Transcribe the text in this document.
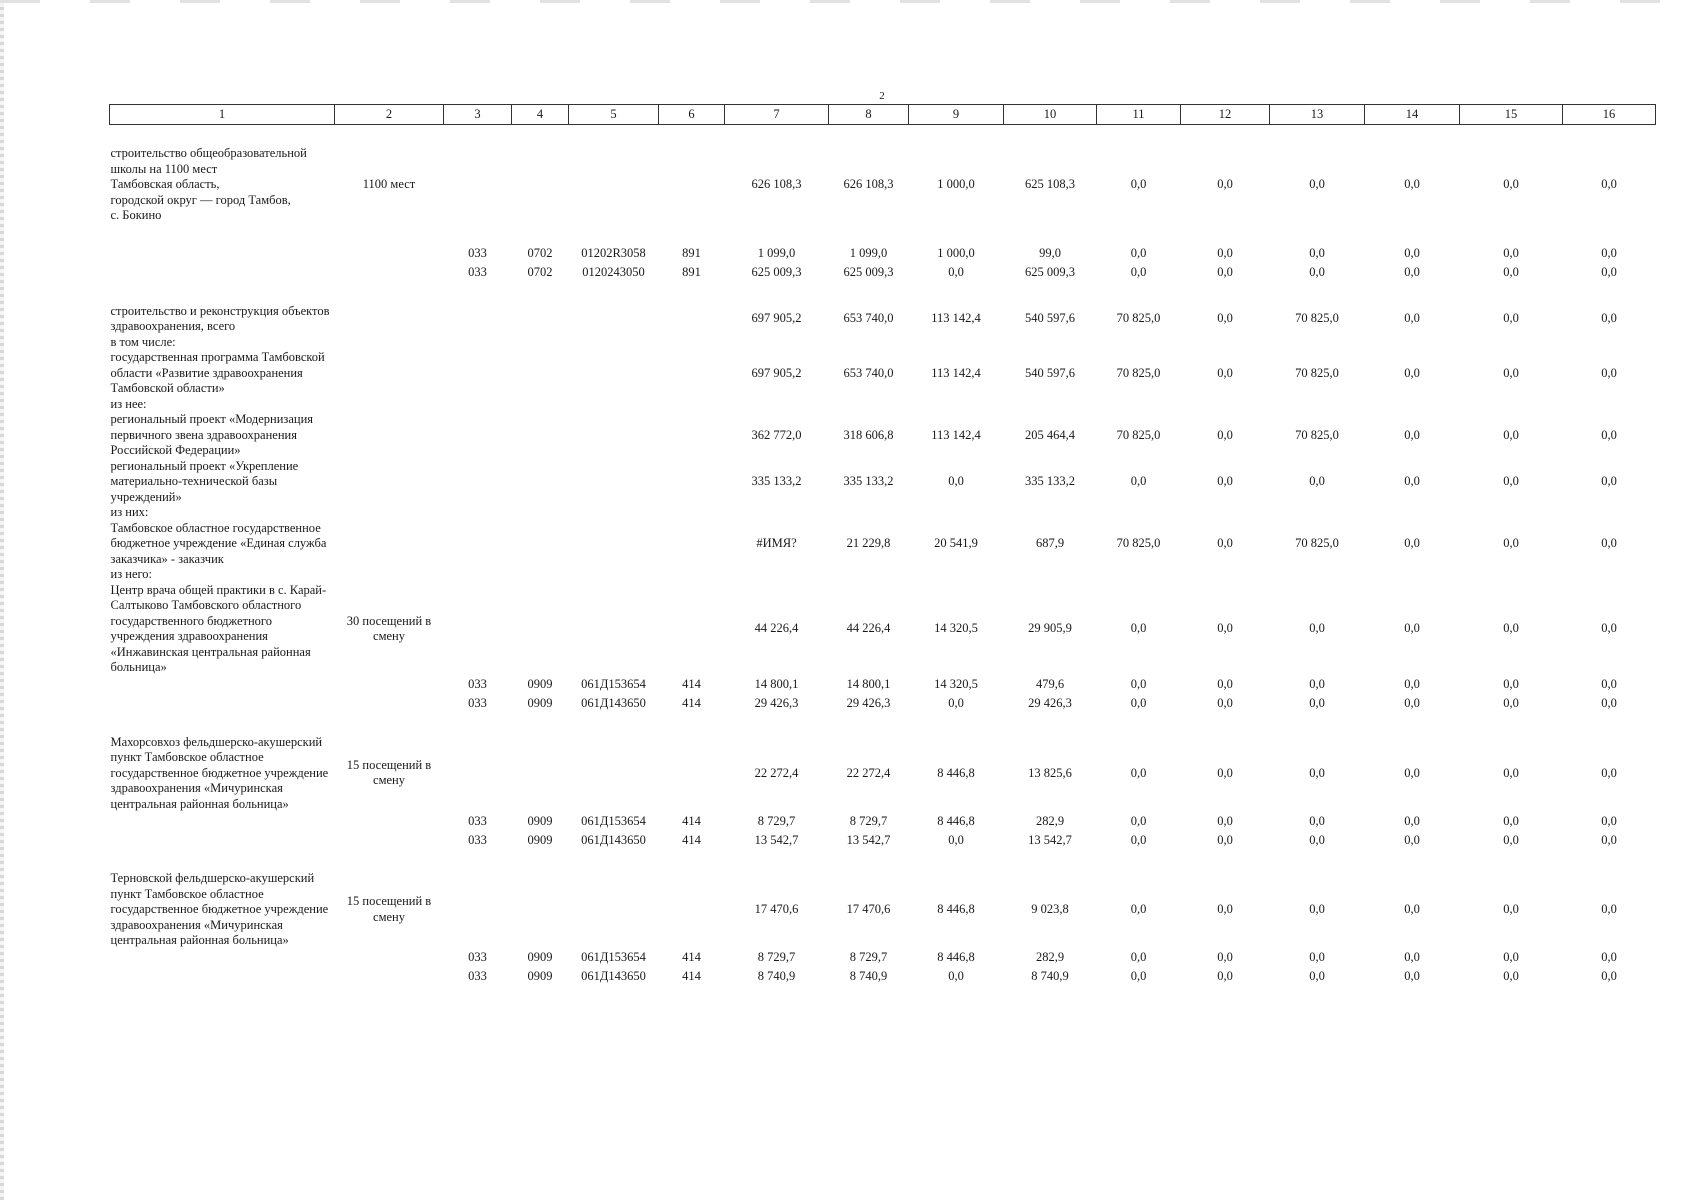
2
1	2	3	4	5	6	7	8	9	10	11	12	13	14	15	16

строительство общеобразовательной школы на 1100 мест
Тамбовская область,
городской округ — город Тамбов,
с. Бокино	1100 мест					626 108,3	626 108,3	1 000,0	625 108,3	0,0	0,0	0,0	0,0	0,0	0,0

		033	0702	01202R3058	891	1 099,0	1 099,0	1 000,0	99,0	0,0	0,0	0,0	0,0	0,0	0,0
		033	0702	0120243050	891	625 009,3	625 009,3	0,0	625 009,3	0,0	0,0	0,0	0,0	0,0	0,0

строительство и реконструкция объектов здравоохранения, всего						697 905,2	653 740,0	113 142,4	540 597,6	70 825,0	0,0	70 825,0	0,0	0,0	0,0
в том числе:															
государственная программа Тамбовской области «Развитие здравоохранения Тамбовской области»						697 905,2	653 740,0	113 142,4	540 597,6	70 825,0	0,0	70 825,0	0,0	0,0	0,0
из нее:															
региональный проект «Модернизация первичного звена здравоохранения Российской Федерации»						362 772,0	318 606,8	113 142,4	205 464,4	70 825,0	0,0	70 825,0	0,0	0,0	0,0
региональный проект «Укрепление материально-технической базы учреждений»						335 133,2	335 133,2	0,0	335 133,2	0,0	0,0	0,0	0,0	0,0	0,0
из них:															
Тамбовское областное государственное бюджетное учреждение «Единая служба заказчика» - заказчик						#ИМЯ?	21 229,8	20 541,9	687,9	70 825,0	0,0	70 825,0	0,0	0,0	0,0
из него:															
Центр врача общей практики в с. Карай-Салтыково Тамбовского областного государственного бюджетного учреждения здравоохранения «Инжавинская центральная районная больница»	30 посещений в смену					44 226,4	44 226,4	14 320,5	29 905,9	0,0	0,0	0,0	0,0	0,0	0,0
		033	0909	061Д153654	414	14 800,1	14 800,1	14 320,5	479,6	0,0	0,0	0,0	0,0	0,0	0,0
		033	0909	061Д143650	414	29 426,3	29 426,3	0,0	29 426,3	0,0	0,0	0,0	0,0	0,0	0,0

Махорсовхоз фельдшерско-акушерский пункт Тамбовское областное государственное бюджетное учреждение здравоохранения «Мичуринская центральная районная больница»	15 посещений в смену					22 272,4	22 272,4	8 446,8	13 825,6	0,0	0,0	0,0	0,0	0,0	0,0
		033	0909	061Д153654	414	8 729,7	8 729,7	8 446,8	282,9	0,0	0,0	0,0	0,0	0,0	0,0
		033	0909	061Д143650	414	13 542,7	13 542,7	0,0	13 542,7	0,0	0,0	0,0	0,0	0,0	0,0

Терновской фельдшерско-акушерский пункт Тамбовское областное государственное бюджетное учреждение здравоохранения «Мичуринская центральная районная больница»	15 посещений в смену					17 470,6	17 470,6	8 446,8	9 023,8	0,0	0,0	0,0	0,0	0,0	0,0
		033	0909	061Д153654	414	8 729,7	8 729,7	8 446,8	282,9	0,0	0,0	0,0	0,0	0,0	0,0
		033	0909	061Д143650	414	8 740,9	8 740,9	0,0	8 740,9	0,0	0,0	0,0	0,0	0,0	0,0
